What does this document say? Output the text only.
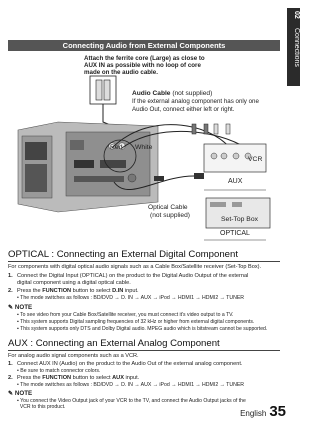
02
Connections
Connecting Audio from External Components
Attach the ferrite core (Large) as close to
AUX IN as possible with no loop of core
made on the audio cable.
Audio Cable (not supplied)
If the external analog component has only one
Audio Out, connect either left or right.
Red White
VCR
AUX
Optical Cable
(not supplied)
Set-Top Box
OPTICAL
OPTICAL : Connecting an External Digital Component
For components with digital optical audio signals such as a Cable Box/Satellite receiver (Set-Top Box).
1. Connect the Digital Input (OPTICAL) on the product to the Digital Audio Output of the external
digital component using a digital optical cable.
2. Press the FUNCTION button to select D.IN input.
• The mode switches as follows : BD/DVD → D. IN → AUX → iPod → HDMI1 → HDMI2 → TUNER
✎ NOTE
▪ To see video from your Cable Box/Satellite receiver, you must connect it's video output to a TV.
▪ This system supports Digital sampling frequencies of 32 kHz or higher from external digital components.
▪ This system supports only DTS and Dolby Digital audio. MPEG audio which is bitstream cannot be supported.
AUX : Connecting an External Analog Component
For analog audio signal components such as a VCR.
1. Connect AUX IN (Audio) on the product to the Audio Out of the external analog component.
• Be sure to match connector colors.
2. Press the FUNCTION button to select AUX input.
• The mode switches as follows : BD/DVD → D. IN → AUX → iPod → HDMI1 → HDMI2 → TUNER
✎ NOTE
▪ You connect the Video Output jack of your VCR to the TV, and connect the Audio Output jacks of the
VCR to this product.
English 35
